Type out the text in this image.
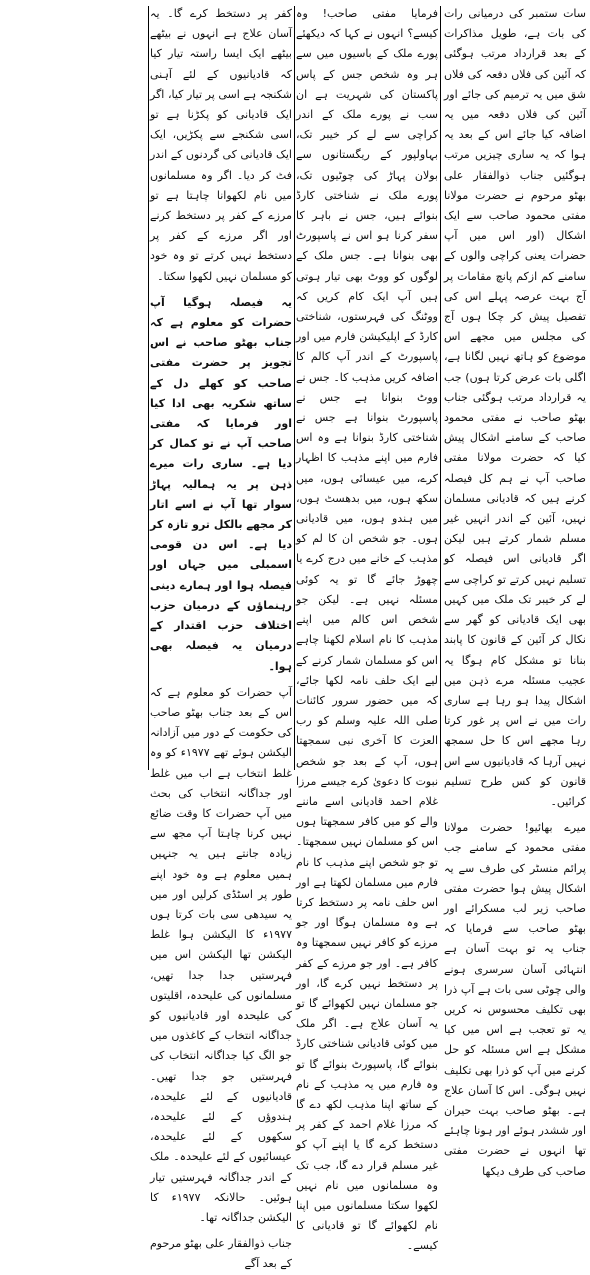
سات ستمبر کی درمیانی رات کی بات ہے، طویل مذاکرات کے بعد قرارداد مرتب ہوگئی کہ آئین کی فلاں دفعہ کی فلاں شق میں یہ ترمیم کی جائے اور آئین کی فلاں دفعہ میں یہ اضافہ کیا جائے اس کے بعد یہ ہوا کہ یہ ساری چیزیں مرتب ہوگئیں جناب ذوالفقار علی بھٹو مرحوم نے حضرت مولانا مفتی محمود صاحب سے ایک اشکال (اور اس میں آپ حضرات یعنی کراچی والوں کے سامنے کم ازکم پانچ مقامات پر آج بہت عرصہ پہلے اس کی تفصیل پیش کر چکا ہوں آج کی مجلس میں مجھے اس موضوع کو ہاتھ نہیں لگانا ہے، اگلی بات عرض کرتا ہوں) جب یہ قرارداد مرتب ہوگئی جناب بھٹو صاحب نے مفتی محمود صاحب کے سامنے اشکال پیش کیا کہ حضرت مولانا مفتی صاحب آپ نے ہم کل فیصلہ کرنے ہیں کہ قادیانی مسلمان نہیں، آئین کے اندر انہیں غیر مسلم شمار کرتے ہیں لیکن اگر قادیانی اس فیصلہ کو تسلیم نہیں کرتے تو کراچی سے لے کر خیبر تک ملک میں کہیں بھی ایک قادیانی کو گھر سے نکال کر آئین کے قانون کا پابند بنانا تو مشکل کام ہوگا یہ عجیب مسئلہ مرے ذہن میں اشکال پیدا ہو رہا ہے ساری رات میں نے اس پر غور کرتا رہا مجھے اس کا حل سمجھ نہیں آرہا کہ قادیانیوں سے اس قانون کو کس طرح تسلیم کرائیں۔

میرے بھائیو! حضرت مولانا مفتی محمود کے سامنے جب پرائم منسٹر کی طرف سے یہ اشکال پیش ہوا حضرت مفتی صاحب زیر لب مسکرائے اور بھٹو صاحب سے فرمایا کہ جناب یہ تو بہت آسان ہے انتہائی آسان سرسری ہونے والی چوٹی سی بات ہے آپ ذرا بھی تکلیف محسوس نہ کریں یہ تو تعجب ہے اس میں کیا مشکل ہے اس مسئلہ کو حل کرنے میں آپ کو ذرا بھی تکلیف نہیں ہوگی۔ اس کا آسان علاج ہے۔ بھٹو صاحب بہت حیران اور ششدر ہوئے اور ہونا چاہئے تھا انہوں نے حضرت مفتی صاحب کی طرف دیکھا

فرمایا مفتی صاحب! وہ کیسے؟ انہوں نے کہا کہ دیکھئے پورے ملک کے باسیوں میں سے ہر وہ شخص جس کے پاس پاکستان کی شہریت ہے ان سب نے پورے ملک کے اندر کراچی سے لے کر خیبر تک، بہاولپور کے ریگستانوں سے بولان پہاڑ کی چوٹیوں تک، پورے ملک نے شناختی کارڈ بنوائے ہیں، جس نے باہر کا سفر کرنا ہو اس نے پاسپورٹ بھی بنوانا ہے۔ جس ملک کے لوگوں کو ووٹ بھی تیار ہوتی ہیں آپ ایک کام کریں کہ ووٹنگ کی فہرستوں، شناختی کارڈ کے اپلیکیشن فارم میں اور پاسپورٹ کے اندر آپ کالم کا اضافہ کریں مذہب کا۔ جس نے ووٹ بنوانا ہے جس نے پاسپورٹ بنوانا ہے جس نے شناختی کارڈ بنوانا ہے وہ اس فارم میں اپنے مذہب کا اظہار کرے، میں عیسائی ہوں، میں سکھ ہوں، میں بدھسٹ ہوں، میں ہندو ہوں، میں قادیانی ہوں۔ جو شخص ان کا لم کو مذہب کے خانے میں درج کرے یا چھوڑ جائے گا تو یہ کوئی مسئلہ نہیں ہے۔ لیکن جو شخص اس کالم میں اپنے مذہب کا نام اسلام لکھنا چاہے اس کو مسلمان شمار کرنے کے لیے ایک حلف نامہ لکھا جائے، کہ میں حضور سرور کائنات صلی اللہ علیہ وسلم کو رب العزت کا آخری نبی سمجھتا ہوں، آپ کے بعد جو شخص نبوت کا دعویٰ کرے جیسے مرزا غلام احمد قادیانی اسے ماننے والے کو میں کافر سمجھتا ہوں اس کو مسلمان نہیں سمجھتا۔ تو جو شخص اپنے مذہب کا نام فارم میں مسلمان لکھتا ہے اور اس حلف نامہ پر دستخط کرتا ہے وہ مسلمان ہوگا اور جو مرزے کو کافر نہیں سمجھتا وہ کافر ہے۔ اور جو مرزے کے کفر پر دستخط نہیں کرے گا، اور جو مسلمان نہیں لکھوائے گا تو یہ آسان علاج ہے۔ اگر ملک میں کوئی قادیانی شناختی کارڈ بنوائے گا، پاسپورٹ بنوائے گا تو وہ فارم میں یہ مذہب کے نام کے ساتھ اپنا مذہب لکھ دے گا کہ مرزا غلام احمد کے کفر پر دستخط کرے گا یا اپنے آپ کو غیر مسلم قرار دے گا، جب تک وہ مسلمانوں میں نام نہیں لکھوا سکتا مسلمانوں میں اپنا نام لکھوائے گا تو قادیانی کا کیسے۔

کفر پر دستخط کرے گا۔ یہ آسان علاج ہے انہوں نے بیٹھے بیٹھے ایک ایسا راستہ تیار کیا کہ قادیانیوں کے لئے آہنی شکنجہ ہے اسی پر تیار کیا، اگر ایک قادیانی کو پکڑنا ہے تو اسی شکنجے سے پکڑیں، ایک ایک قادیانی کی گردنوں کے اندر فٹ کر دیا۔ اگر وہ مسلمانوں میں نام لکھوانا چاہتا ہے تو مرزے کے کفر پر دستخط کرنے اور اگر مرزے کے کفر پر دستخط نہیں کرتے تو وہ خود کو مسلمان نہیں لکھوا سکتا۔

یہ فیصلہ ہوگیا آپ حضرات کو معلوم ہے کہ جناب بھٹو صاحب نے اس تجویز پر حضرت مفتی صاحب کو کھلے دل کے ساتھ شکریہ بھی ادا کیا اور فرمایا کہ مفتی صاحب آپ نے تو کمال کر دیا ہے۔ ساری رات میرے ذہن پر یہ ہمالیہ پہاڑ سوار تھا آپ نے اسے اتار کر مجھے بالکل ترو تازہ کر دیا ہے۔ اس دن قومی اسمبلی میں جہاں اور فیصلہ ہوا اور ہمارے دینی رہنماؤں کے درمیان حزب اختلاف حزب اقتدار کے درمیان یہ فیصلہ بھی ہوا۔

آپ حضرات کو معلوم ہے کہ اس کے بعد جناب بھٹو صاحب کی حکومت کے دور میں آزادانہ الیکشن ہوئے تھے ۱۹۷۷ء کو وہ غلط انتخاب ہے اب میں غلط اور جداگانہ انتخاب کی بحث میں آپ حضرات کا وقت ضائع نہیں کرنا چاہتا آپ مجھ سے زیادہ جانتے ہیں یہ جنہیں ہمیں معلوم ہے وہ خود اپنے طور پر اسٹڈی کرلیں اور میں یہ سیدھی سی بات کرتا ہوں ۱۹۷۷ء کا الیکشن ہوا غلط الیکشن تھا الیکشن اس میں فہرستیں جدا جدا تھیں، مسلمانوں کی علیحدہ، اقلیتوں کی علیحدہ اور قادیانیوں کو جداگانہ انتخاب کے کاغذوں میں جو الگ کیا جداگانہ انتخاب کی فہرستیں جو جدا تھیں۔ قادیانیوں کے لئے علیحدہ، ہندوؤں کے لئے علیحدہ، سکھوں کے لئے علیحدہ، عیسائیوں کے لئے علیحدہ۔ ملک کے اندر جداگانہ فہرستیں تیار ہوئیں۔ حالانکہ ۱۹۷۷ء کا الیکشن جداگانہ تھا۔

جناب ذوالفقار علی بھٹو مرحوم کے بعد آگے
